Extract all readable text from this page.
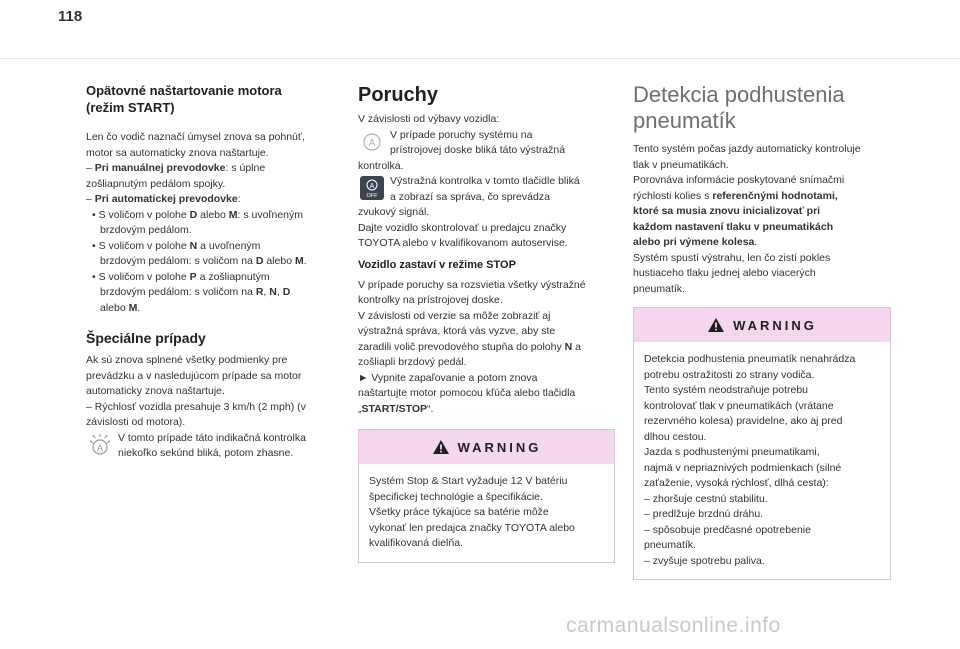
118
Opätovné naštartovanie motora
(režim START)

Len čo vodič naznačí úmysel znova sa pohnúť,
motor sa automaticky znova naštartuje.

– Pri manuálnej prevodovke: s úplne
zošliapnutým pedálom spojky.

– Pri automatickej prevodovke:

• S voličom v polohe D alebo M: s uvoľneným
brzdovým pedálom.

• S voličom v polohe N a uvoľneným
brzdovým pedálom: s voličom na D alebo M.

• S voličom v polohe P a zošliapnutým
brzdovým pedálom: s voličom na R, N, D
alebo M.

Špeciálne prípady

Ak sú znova splnené všetky podmienky pre
prevádzku a v nasledujúcom prípade sa motor
automaticky znova naštartuje.
– Rýchlosť vozidla presahuje 3 km/h (2 mph) (v
závislosti od motora).

A

V tomto prípade táto indikačná kontrolka
niekoľko sekúnd bliká, potom zhasne.

Poruchy

V závislosti od výbavy vozidla:

A

V prípade poruchy systému na
prístrojovej doske bliká táto výstražná

kontrolka.

A
OFF

Výstražná kontrolka v tomto tlačidle bliká
a zobrazí sa správa, čo sprevádza

zvukový signál.
Dajte vozidlo skontrolovať u predajcu značky
TOYOTA alebo v kvalifikovanom autoservise.

Vozidlo zastaví v režime STOP

V prípade poruchy sa rozsvietia všetky výstražné
kontrolky na prístrojovej doske.
V závislosti od verzie sa môže zobraziť aj
výstražná správa, ktorá vás vyzve, aby ste
zaradili volič prevodového stupňa do polohy N a
zošliapli brzdový pedál.
► Vypnite zapaľovanie a potom znova
naštartujte motor pomocou kľúča alebo tlačidla
„START/STOP“.

WARNING

Systém Stop & Start vyžaduje 12 V batériu
špecifickej technológie a špecifikácie.
Všetky práce týkajúce sa batérie môže
vykonať len predajca značky TOYOTA alebo
kvalifikovaná dielňa.

Detekcia podhustenia
pneumatík

Tento systém počas jazdy automaticky kontroluje
tlak v pneumatikách.
Porovnáva informácie poskytované snímačmi
rýchlosti kolies s referenčnými hodnotami,
ktoré sa musia znovu inicializovať pri
každom nastavení tlaku v pneumatikách
alebo pri výmene kolesa.
Systém spustí výstrahu, len čo zistí pokles
hustiaceho tlaku jednej alebo viacerých
pneumatík.

WARNING

Detekcia podhustenia pneumatík nenahrádza
potrebu ostražitosti zo strany vodiča.
Tento systém neodstraňuje potrebu
kontrolovať tlak v pneumatikách (vrátane
rezervného kolesa) pravidelne, ako aj pred
dlhou cestou.
Jazda s podhustenými pneumatikami,
najmä v nepriaznivých podmienkach (silné
zaťaženie, vysoká rýchlosť, dlhá cesta):
– zhoršuje cestnú stabilitu.
– predlžuje brzdnú dráhu.
– spôsobuje predčasné opotrebenie
pneumatík.
– zvyšuje spotrebu paliva.

carmanualsonline.info
